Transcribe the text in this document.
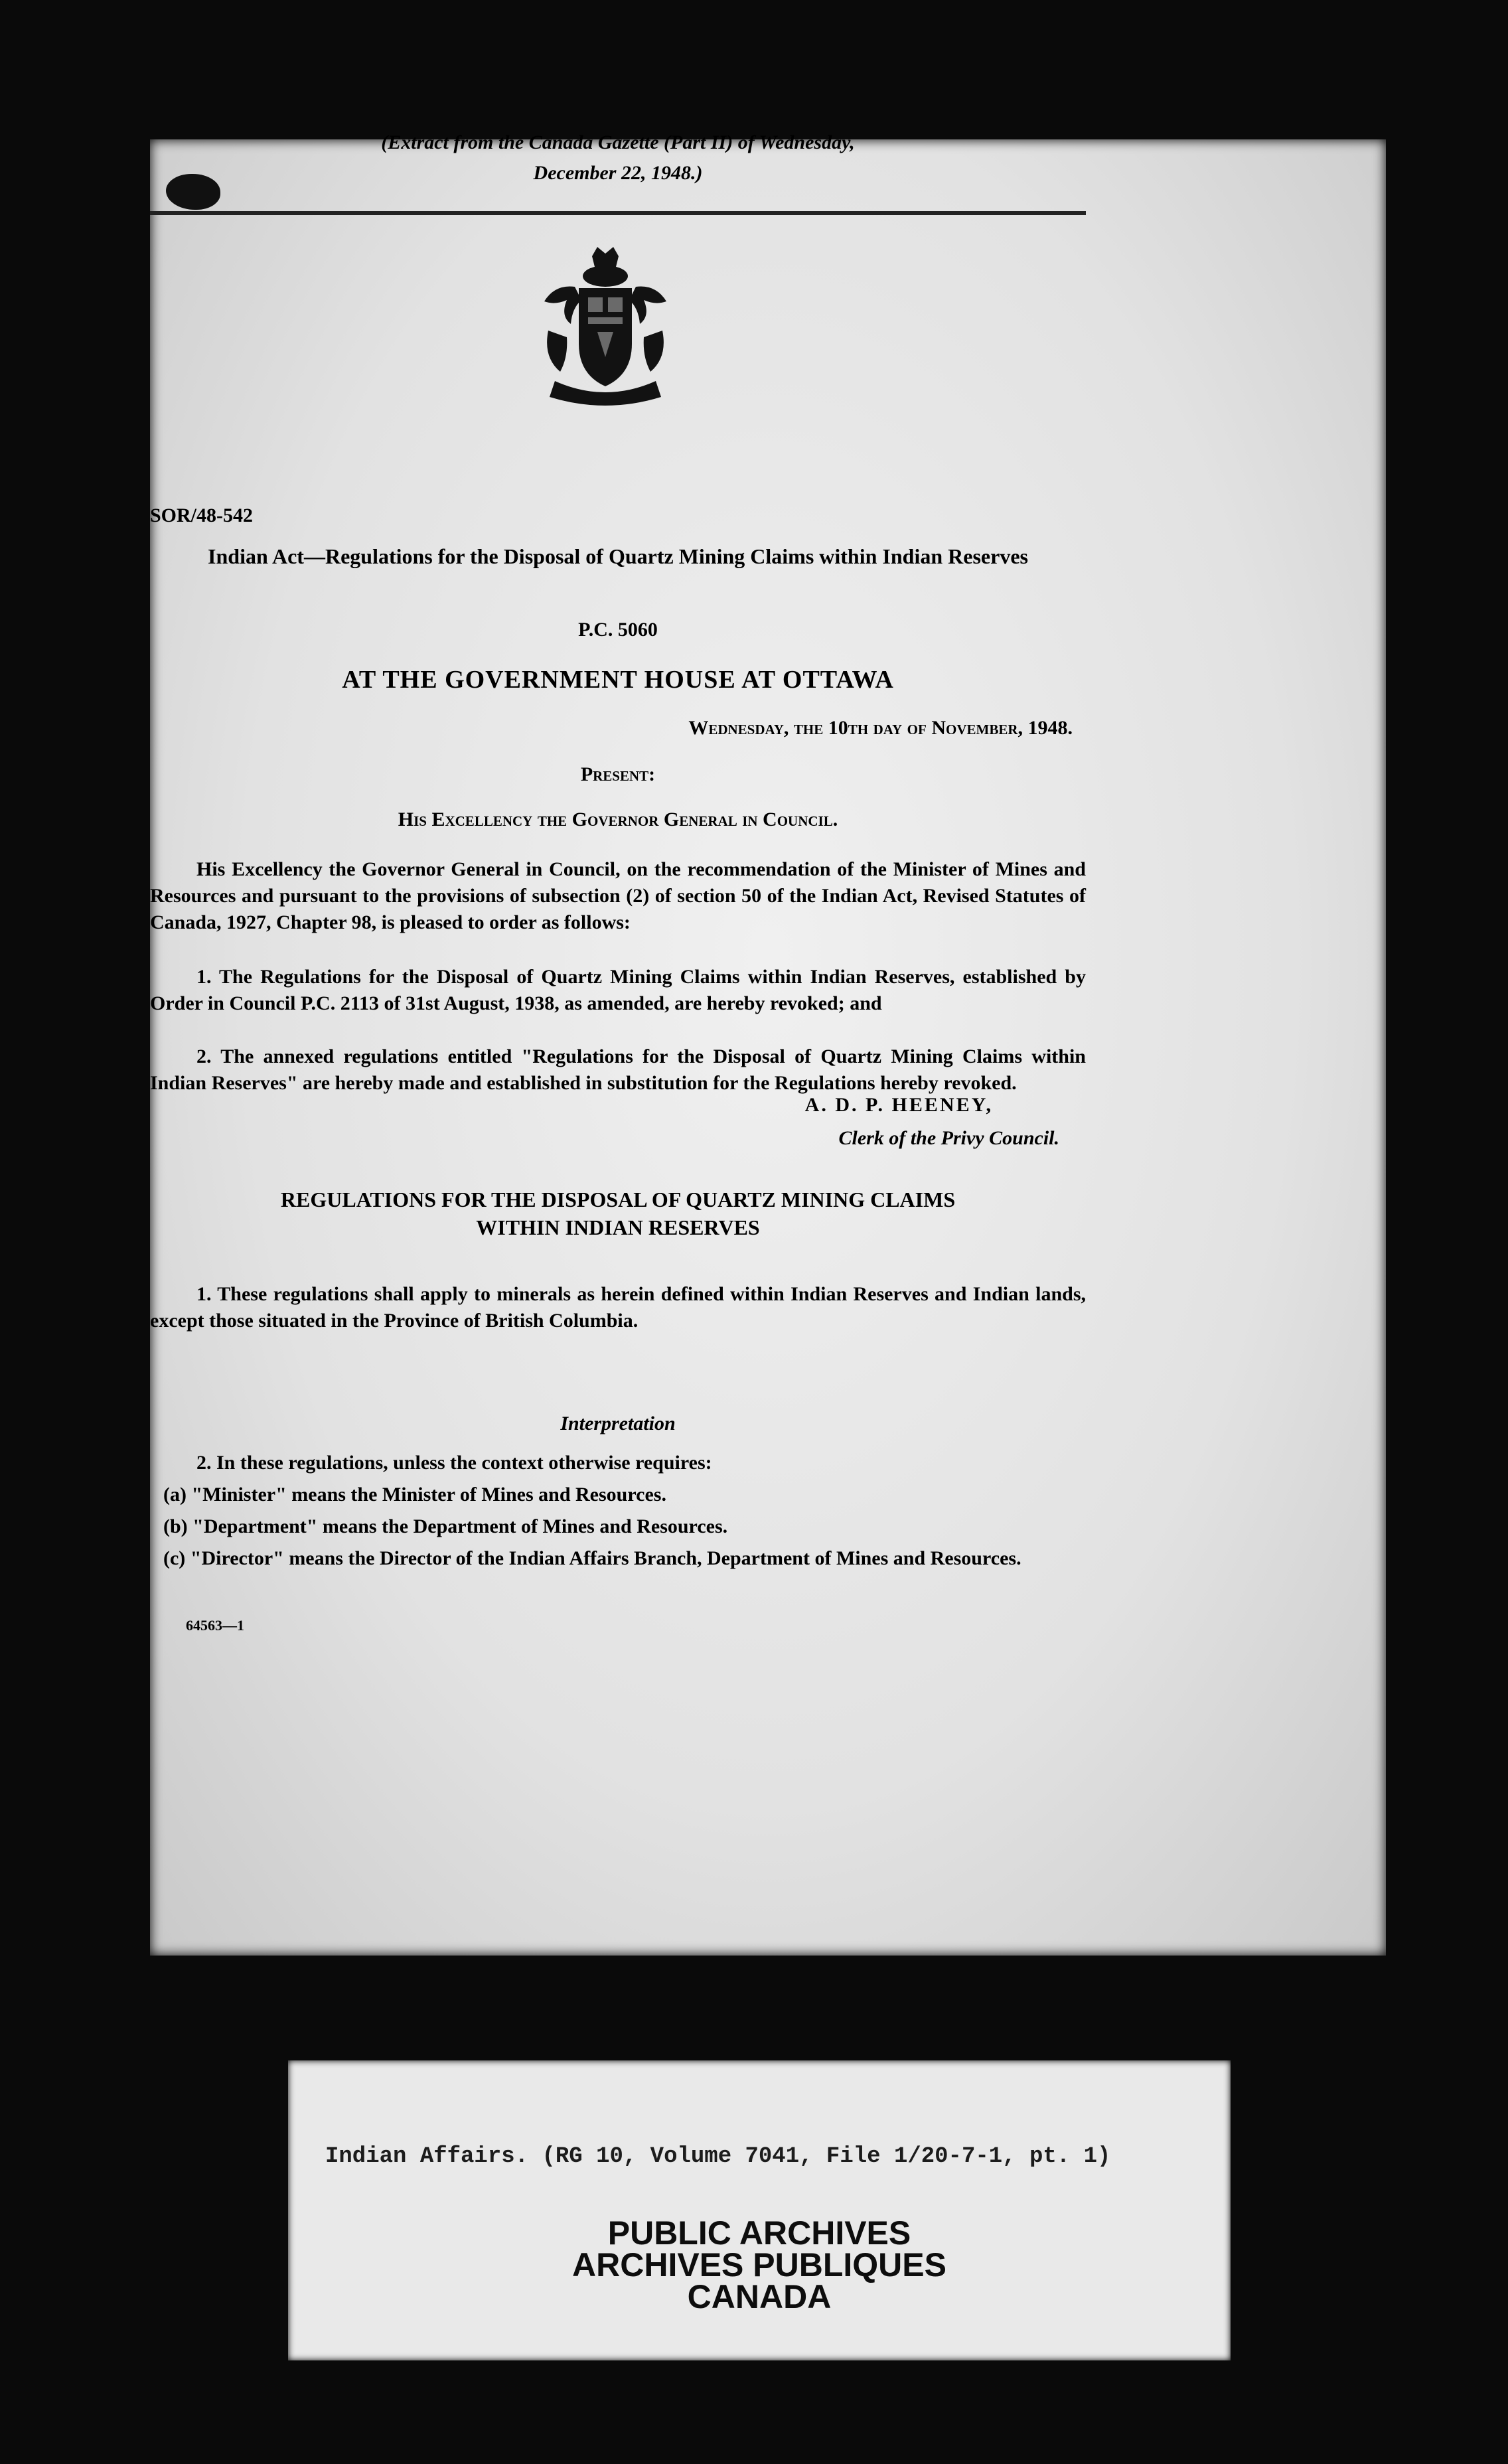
(Extract from the Canada Gazette (Part II) of Wednesday,
December 22, 1948.)
SOR/48-542
Indian Act—Regulations for the Disposal of Quartz Mining Claims within Indian Reserves
P.C. 5060
AT THE GOVERNMENT HOUSE AT OTTAWA
Wednesday, the 10th day of November, 1948.
Present:
His Excellency the Governor General in Council.
His Excellency the Governor General in Council, on the recommendation of the Minister of Mines and Resources and pursuant to the provisions of subsection (2) of section 50 of the Indian Act, Revised Statutes of Canada, 1927, Chapter 98, is pleased to order as follows:
1. The Regulations for the Disposal of Quartz Mining Claims within Indian Reserves, established by Order in Council P.C. 2113 of 31st August, 1938, as amended, are hereby revoked; and
2. The annexed regulations entitled "Regulations for the Disposal of Quartz Mining Claims within Indian Reserves" are hereby made and established in substitution for the Regulations hereby revoked.
A. D. P. HEENEY,
Clerk of the Privy Council.
REGULATIONS FOR THE DISPOSAL OF QUARTZ MINING CLAIMS
WITHIN INDIAN RESERVES
1. These regulations shall apply to minerals as herein defined within Indian Reserves and Indian lands, except those situated in the Province of British Columbia.
Interpretation
2. In these regulations, unless the context otherwise requires:
(a) "Minister" means the Minister of Mines and Resources.
(b) "Department" means the Department of Mines and Resources.
(c) "Director" means the Director of the Indian Affairs Branch, Department of Mines and Resources.
64563—1
Indian Affairs. (RG 10, Volume 7041, File 1/20-7-1, pt. 1)
PUBLIC ARCHIVES
ARCHIVES PUBLIQUES
CANADA
